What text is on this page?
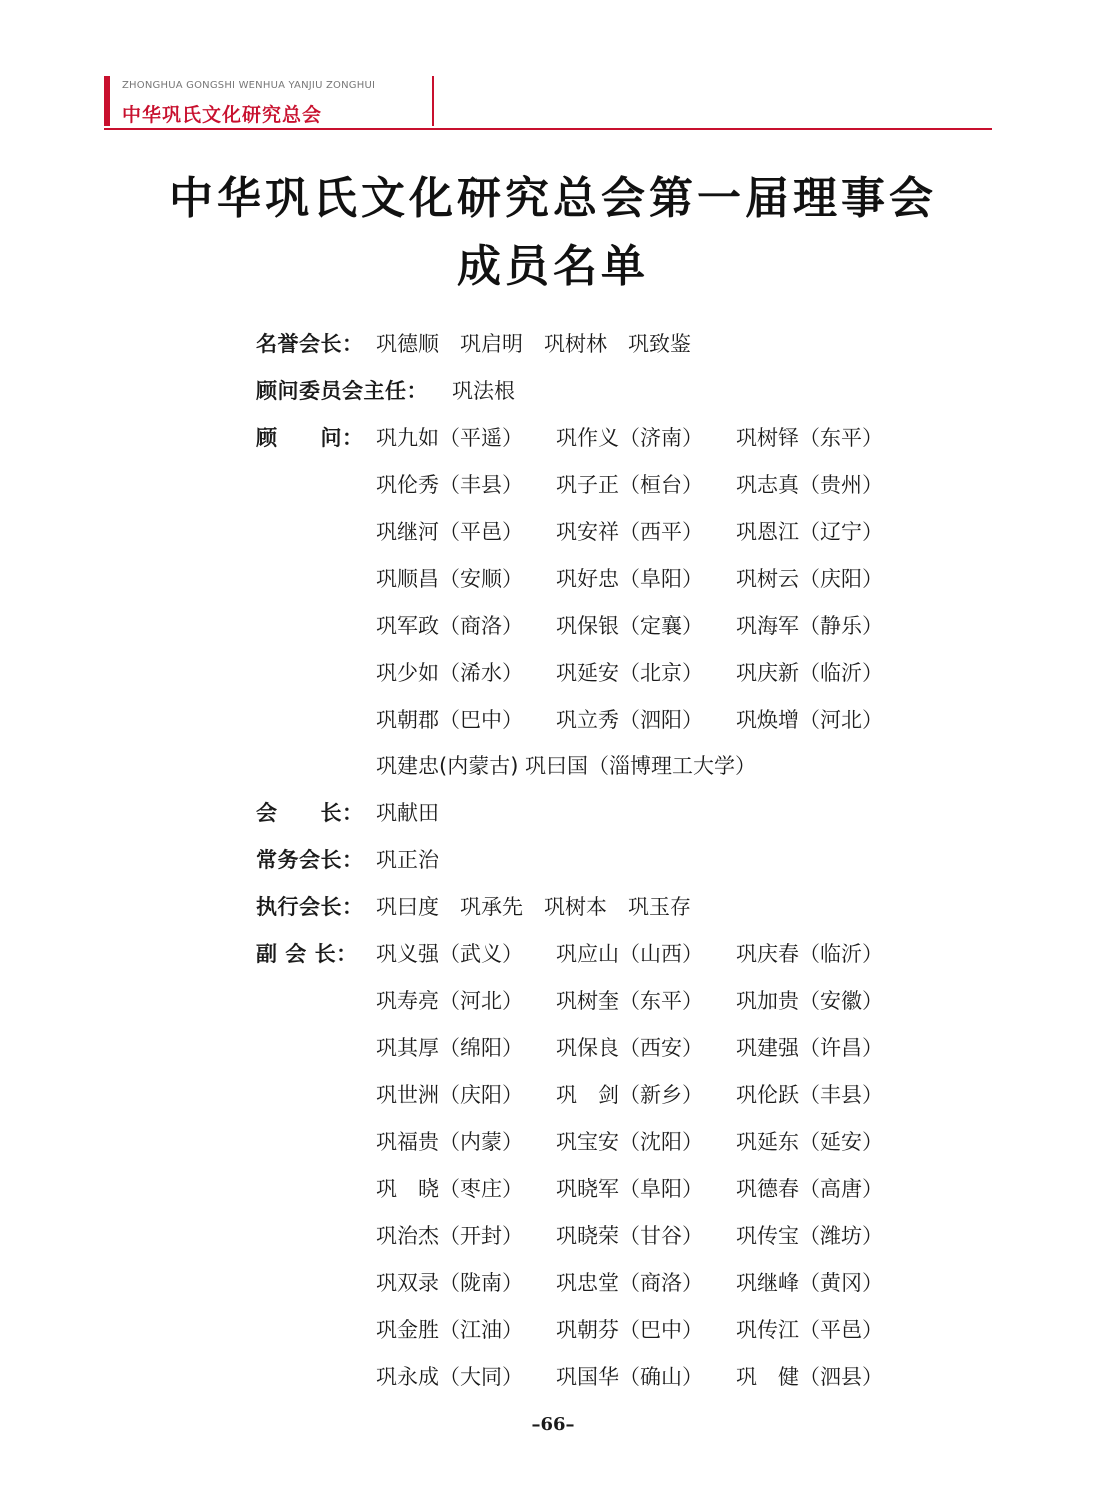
ZHONGHUA GONGSHI WENHUA YANJIU ZONGHUI
中华巩氏文化研究总会
中华巩氏文化研究总会第一届理事会
成员名单
名誉会长： 巩德顺　巩启明　巩树林　巩致鉴
顾问委员会主任： 巩法根
顾　　问： 巩九如（平遥） 巩作义（济南） 巩树铎（东平）
巩伦秀（丰县） 巩子正（桓台） 巩志真（贵州）
巩继河（平邑） 巩安祥（西平） 巩恩江（辽宁）
巩顺昌（安顺） 巩好忠（阜阳） 巩树云（庆阳）
巩军政（商洛） 巩保银（定襄） 巩海军（静乐）
巩少如（浠水） 巩延安（北京） 巩庆新（临沂）
巩朝郡（巴中） 巩立秀（泗阳） 巩焕增（河北）
巩建忠(内蒙古) 巩曰国（淄博理工大学）
会　　长： 巩献田
常务会长： 巩正治
执行会长： 巩曰度　巩承先　巩树本　巩玉存
副 会 长： 巩义强（武义） 巩应山（山西） 巩庆春（临沂）
巩寿亮（河北） 巩树奎（东平） 巩加贵（安徽）
巩其厚（绵阳） 巩保良（西安） 巩建强（许昌）
巩世洲（庆阳） 巩　剑（新乡） 巩伦跃（丰县）
巩福贵（内蒙） 巩宝安（沈阳） 巩延东（延安）
巩　晓（枣庄） 巩晓军（阜阳） 巩德春（高唐）
巩治杰（开封） 巩晓荣（甘谷） 巩传宝（潍坊）
巩双录（陇南） 巩忠堂（商洛） 巩继峰（黄冈）
巩金胜（江油） 巩朝芬（巴中） 巩传江（平邑）
巩永成（大同） 巩国华（确山） 巩　健（泗县）
–66–
